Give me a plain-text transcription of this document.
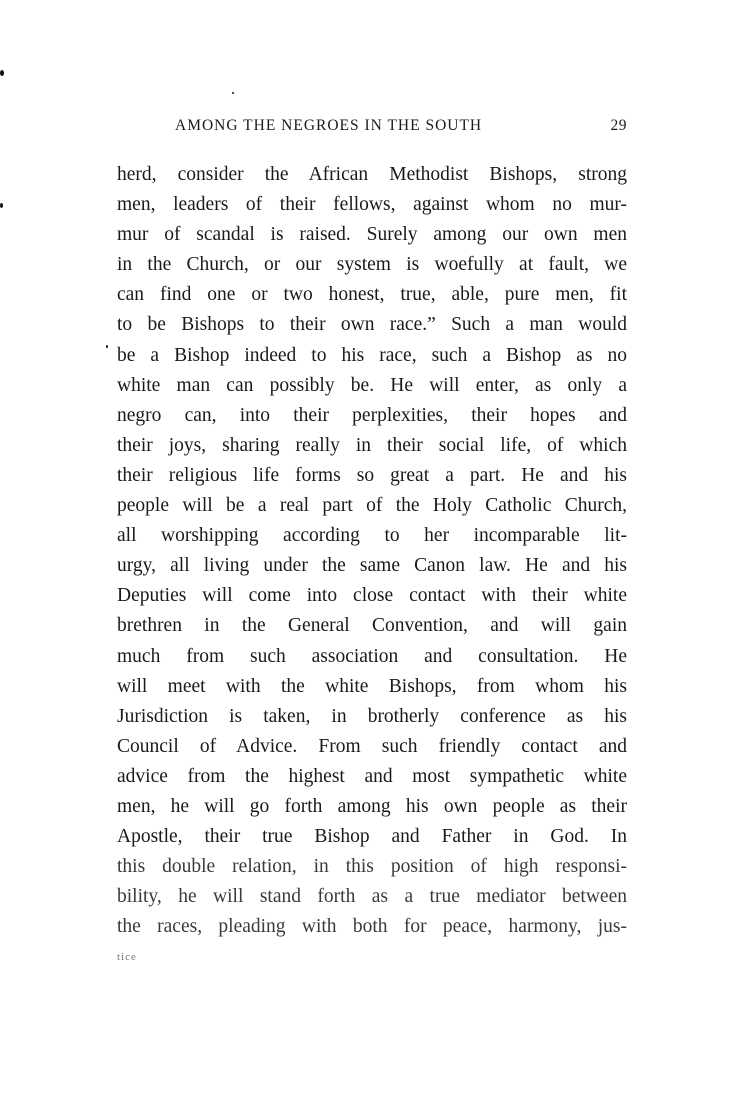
AMONG THE NEGROES IN THE SOUTH	29
herd, consider the African Methodist Bishops, strong
men, leaders of their fellows, against whom no mur-
mur of scandal is raised. Surely among our own men
in the Church, or our system is woefully at fault, we
can find one or two honest, true, able, pure men, fit
to be Bishops to their own race.” Such a man would
be a Bishop indeed to his race, such a Bishop as no
white man can possibly be. He will enter, as only a
negro can, into their perplexities, their hopes and
their joys, sharing really in their social life, of which
their religious life forms so great a part. He and his
people will be a real part of the Holy Catholic Church,
all worshipping according to her incomparable lit-
urgy, all living under the same Canon law. He and his
Deputies will come into close contact with their white
brethren in the General Convention, and will gain
much from such association and consultation. He
will meet with the white Bishops, from whom his
Jurisdiction is taken, in brotherly conference as his
Council of Advice. From such friendly contact and
advice from the highest and most sympathetic white
men, he will go forth among his own people as their
Apostle, their true Bishop and Father in God. In
this double relation, in this position of high responsi-
bility, he will stand forth as a true mediator between
the races, pleading with both for peace, harmony, jus-
tice
